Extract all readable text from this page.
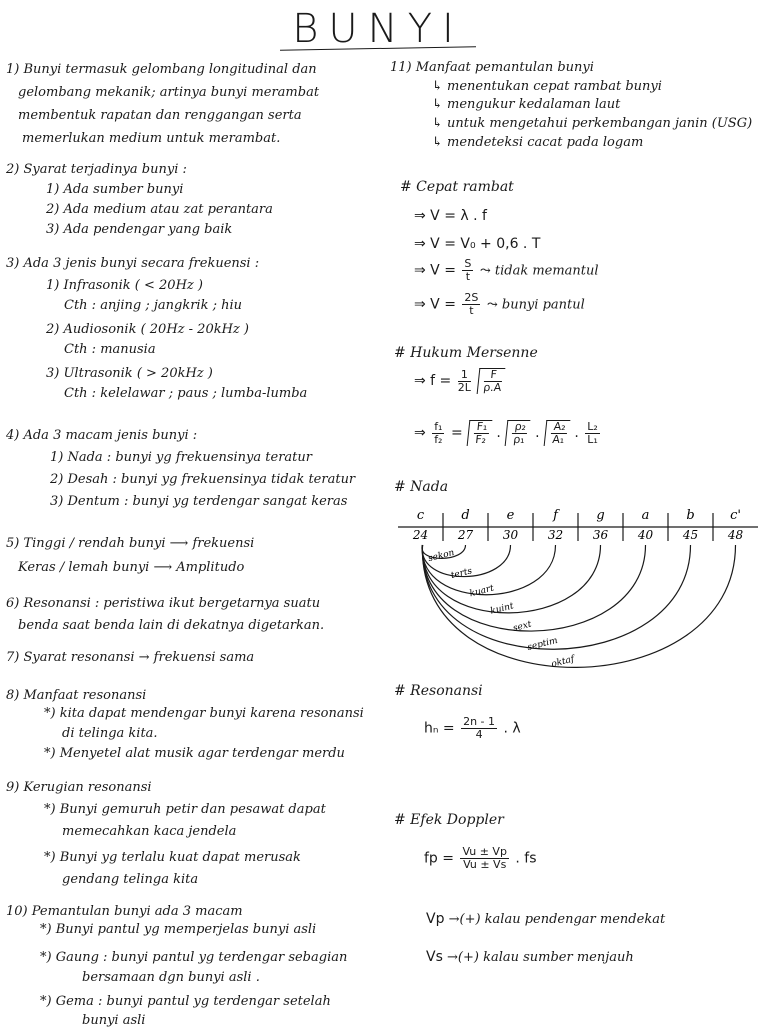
BUNYI
1) Bunyi termasuk gelombang longitudinal dan
gelombang mekanik; artinya bunyi merambat
membentuk rapatan dan renggangan serta
memerlukan medium untuk merambat.
2) Syarat terjadinya bunyi :
1) Ada sumber bunyi
2) Ada medium atau zat perantara
3) Ada pendengar yang baik
3) Ada 3 jenis bunyi secara frekuensi :
1) Infrasonik ( < 20Hz )
Cth : anjing ; jangkrik ; hiu
2) Audiosonik ( 20Hz - 20kHz )
Cth : manusia
3) Ultrasonik ( > 20kHz )
Cth : kelelawar ; paus ; lumba-lumba
4) Ada 3 macam jenis bunyi :
1) Nada : bunyi yg frekuensinya teratur
2) Desah : bunyi yg frekuensinya tidak teratur
3) Dentum : bunyi yg terdengar sangat keras
5) Tinggi / rendah bunyi ⟶ frekuensi
Keras / lemah bunyi ⟶ Amplitudo
6) Resonansi : peristiwa ikut bergetarnya suatu
benda saat benda lain di dekatnya digetarkan.
7) Syarat resonansi → frekuensi sama
8) Manfaat resonansi
*) kita dapat mendengar bunyi karena resonansi
di telinga kita.
*) Menyetel alat musik agar terdengar merdu
9) Kerugian resonansi
*) Bunyi gemuruh petir dan pesawat dapat
memecahkan kaca jendela
*) Bunyi yg terlalu kuat dapat merusak
gendang telinga kita
10) Pemantulan bunyi ada 3 macam
*) Bunyi pantul yg memperjelas bunyi asli
*) Gaung : bunyi pantul yg terdengar sebagian
bersamaan dgn bunyi asli .
*) Gema : bunyi pantul yg terdengar setelah
bunyi asli
11) Manfaat pemantulan bunyi
↳ menentukan cepat rambat bunyi
↳ mengukur kedalaman laut
↳ untuk mengetahui perkembangan janin (USG)
↳ mendeteksi cacat pada logam
# Cepat rambat
⇒ V = λ . f
⇒ V = V₀ + 0,6 . T
⇒ $V = \frac{S}{t}$ ⤳ tidak memantul
⇒ $V = \frac{2S}{t}$ ⤳ bunyi pantul
# Hukum Mersenne
⇒ $f = \frac{1}{2L}$
$\frac{F}{\rho.A}$
⇒ $\frac{\text{f₁}}{\text{f₂}} = \frac{\text{F₁}}{\text{F₂}}$ . $\frac{\text{ρ₂}}{\text{ρ₁}}$ . $\frac{\text{A₂}}{\text{A₁}}$ . $\frac{\text{L₂}}{\text{L₁}}$
# Nada
c
24
d
27
e
30
f
32
g
36
a
40
b
45
c'
48
sekon
terts
kuart
kuint
sext
septim
oktaf
# Resonansi
$h_n = \frac{2n - 1}{4}$ . λ
# Efek Doppler
fp = $\frac{Vu \pm Vp}{Vu \pm Vs}$ . fs
Vp →(+) kalau pendengar mendekat
Vs →(+) kalau sumber menjauh
